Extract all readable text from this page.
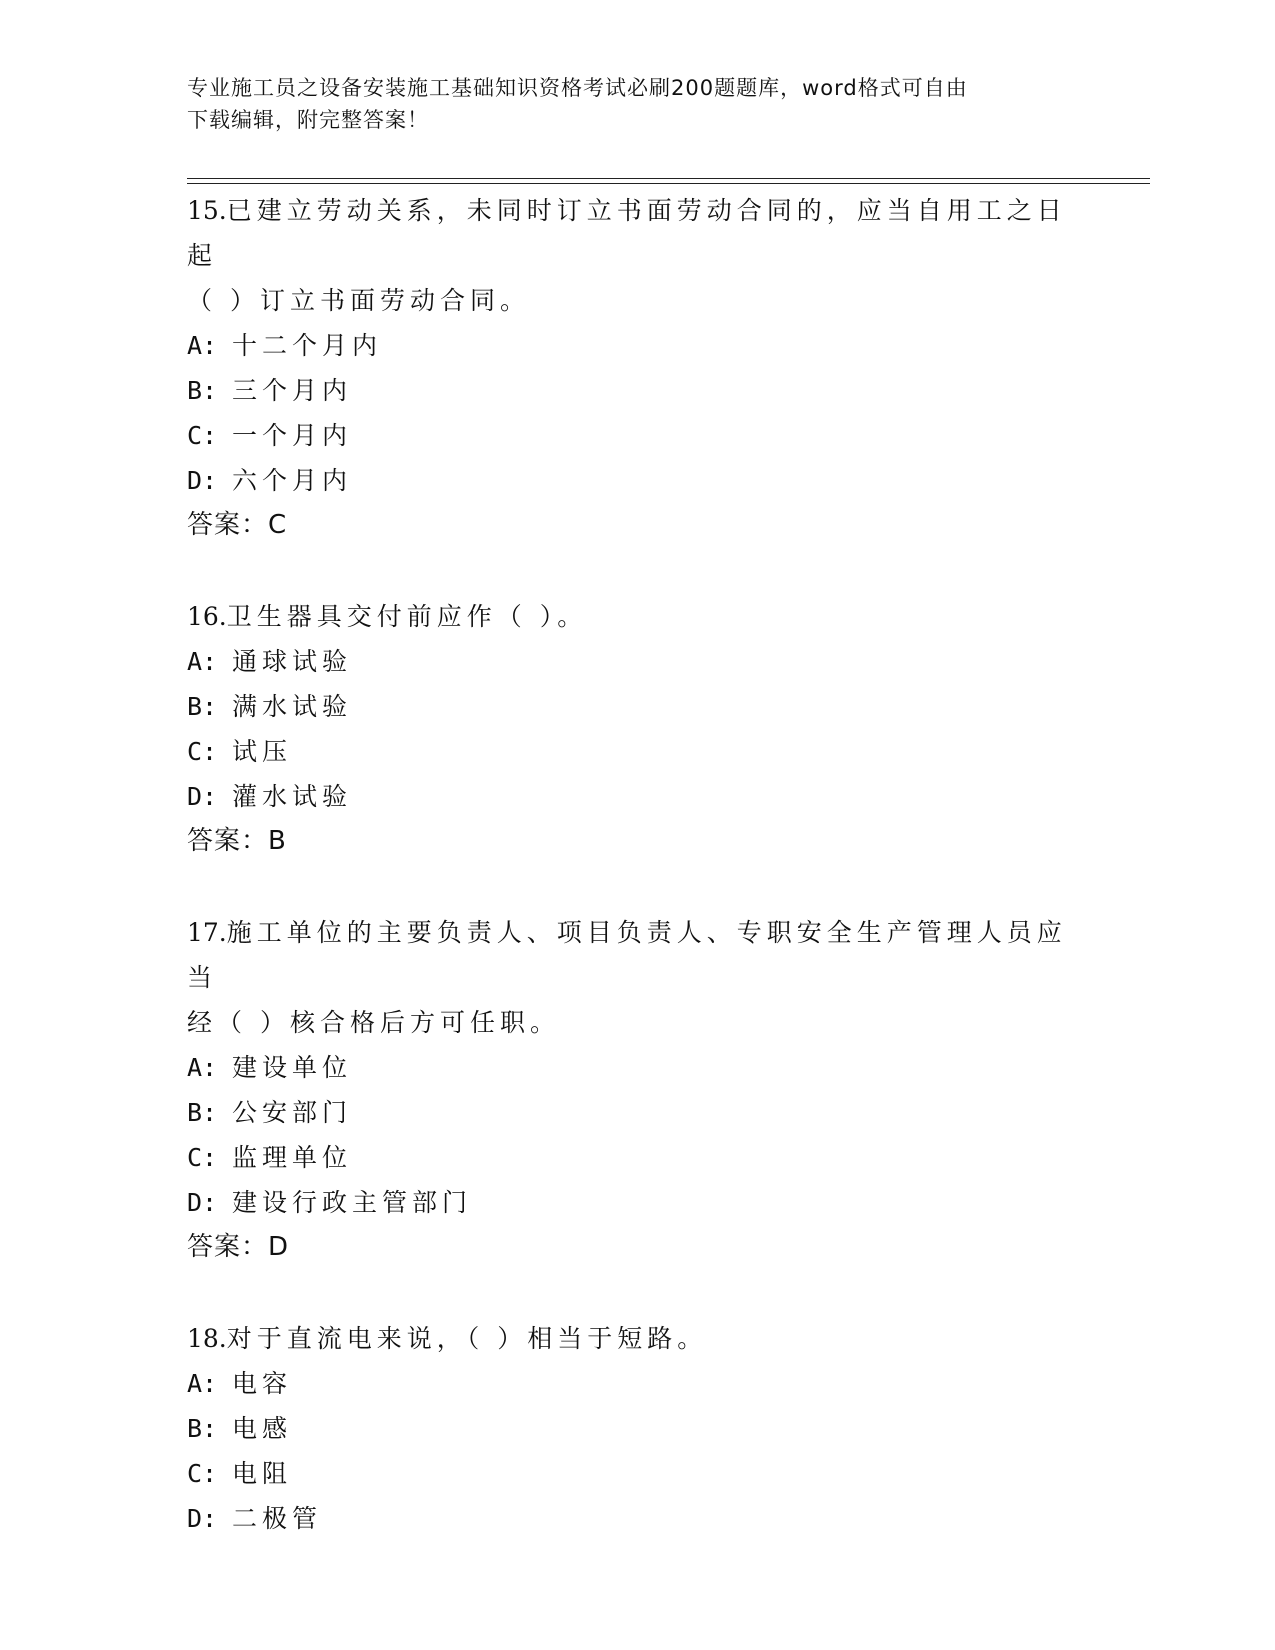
专业施工员之设备安装施工基础知识资格考试必刷200题题库，word格式可自由
下载编辑，附完整答案！
15.已建立劳动关系，未同时订立书面劳动合同的，应当自用工之日起
（ ）订立书面劳动合同。
A: 十二个月内
B: 三个月内
C: 一个月内
D: 六个月内
答案：C
16.卫生器具交付前应作（ ）。
A: 通球试验
B: 满水试验
C: 试压
D: 灌水试验
答案：B
17.施工单位的主要负责人、项目负责人、专职安全生产管理人员应当
经（ ）核合格后方可任职。
A: 建设单位
B: 公安部门
C: 监理单位
D: 建设行政主管部门
答案：D
18.对于直流电来说，（ ）相当于短路。
A: 电容
B: 电感
C: 电阻
D: 二极管
